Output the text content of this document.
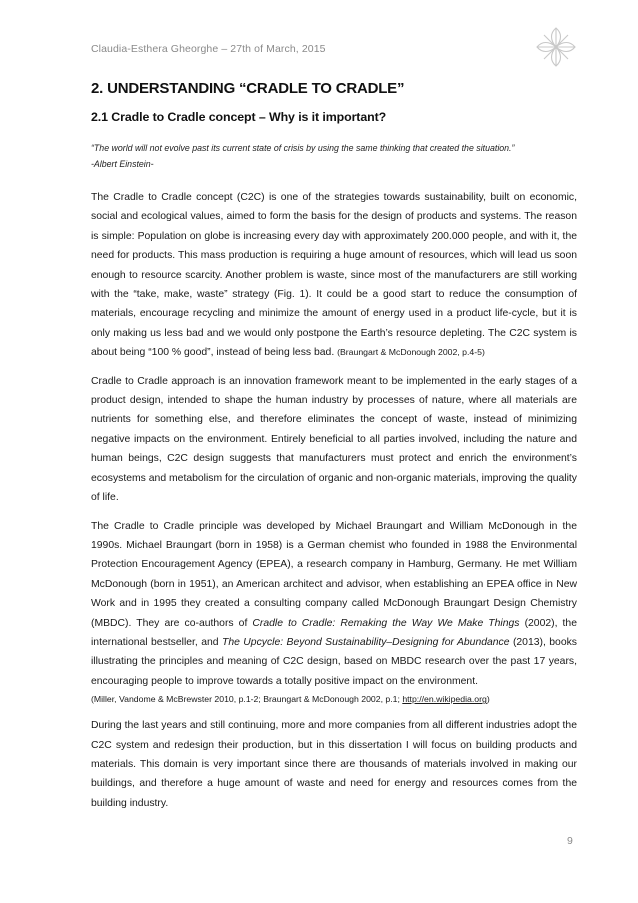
Claudia-Esthera Gheorghe – 27th of March, 2015
2. UNDERSTANDING “CRADLE TO CRADLE”
2.1 Cradle to Cradle concept – Why is it important?
“The world will not evolve past its current state of crisis by using the same thinking that created the situation.”
-Albert Einstein-

The Cradle to Cradle concept (C2C) is one of the strategies towards sustainability, built on economic, social and ecological values, aimed to form the basis for the design of products and systems. The reason is simple: Population on globe is increasing every day with approximately 200.000 people, and with it, the need for products. This mass production is requiring a huge amount of resources, which will lead us soon enough to resource scarcity. Another problem is waste, since most of the manufacturers are still working with the “take, make, waste” strategy (Fig. 1). It could be a good start to reduce the consumption of materials, encourage recycling and minimize the amount of energy used in a product life-cycle, but it is only making us less bad and we would only postpone the Earth’s resource depleting. The C2C system is about being “100 % good”, instead of being less bad. (Braungart & McDonough 2002, p.4-5)

Cradle to Cradle approach is an innovation framework meant to be implemented in the early stages of a product design, intended to shape the human industry by processes of nature, where all materials are nutrients for something else, and therefore eliminates the concept of waste, instead of minimizing negative impacts on the environment. Entirely beneficial to all parties involved, including the nature and human beings, C2C design suggests that manufacturers must protect and enrich the environment’s ecosystems and metabolism for the circulation of organic and non-organic materials, improving the quality of life.

The Cradle to Cradle principle was developed by Michael Braungart and William McDonough in the 1990s. Michael Braungart (born in 1958) is a German chemist who founded in 1988 the Environmental Protection Encouragement Agency (EPEA), a research company in Hamburg, Germany. He met William McDonough (born in 1951), an American architect and advisor, when establishing an EPEA office in New Work and in 1995 they created a consulting company called McDonough Braungart Design Chemistry (MBDC). They are co-authors of Cradle to Cradle: Remaking the Way We Make Things (2002), the international bestseller, and The Upcycle: Beyond Sustainability–Designing for Abundance (2013), books illustrating the principles and meaning of C2C design, based on MBDC research over the past 17 years, encouraging people to improve towards a totally positive impact on the environment.
(Miller, Vandome & McBrewster 2010, p.1-2; Braungart & McDonough 2002, p.1; http://en.wikipedia.org)

During the last years and still continuing, more and more companies from all different industries adopt the C2C system and redesign their production, but in this dissertation I will focus on building products and materials. This domain is very important since there are thousands of materials involved in making our buildings, and therefore a huge amount of waste and need for energy and resources comes from the building industry.

9
